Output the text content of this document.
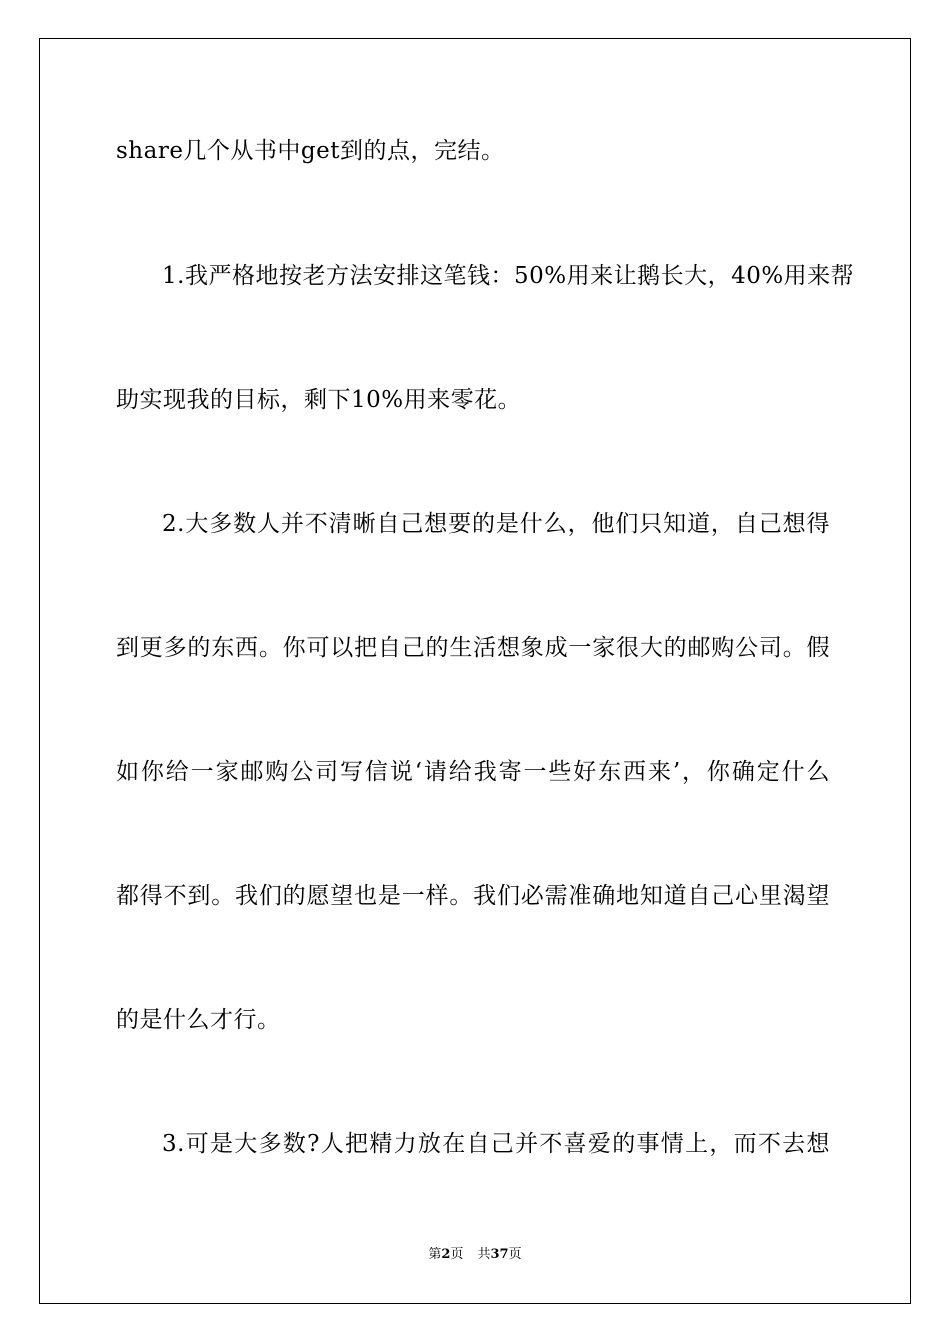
share几个从书中get到的点，完结。
1.我严格地按老方法安排这笔钱：50%用来让鹅长大，40%用来帮
助实现我的目标，剩下10%用来零花。
2.大多数人并不清晰自己想要的是什么，他们只知道，自己想得
到更多的东西。你可以把自己的生活想象成一家很大的邮购公司。假
如你给一家邮购公司写信说‘请给我寄一些好东西来’，你确定什么
都得不到。我们的愿望也是一样。我们必需准确地知道自己心里渴望
的是什么才行。
3.可是大多数?人把精力放在自己并不喜爱的事情上，而不去想
第2页 共37页
